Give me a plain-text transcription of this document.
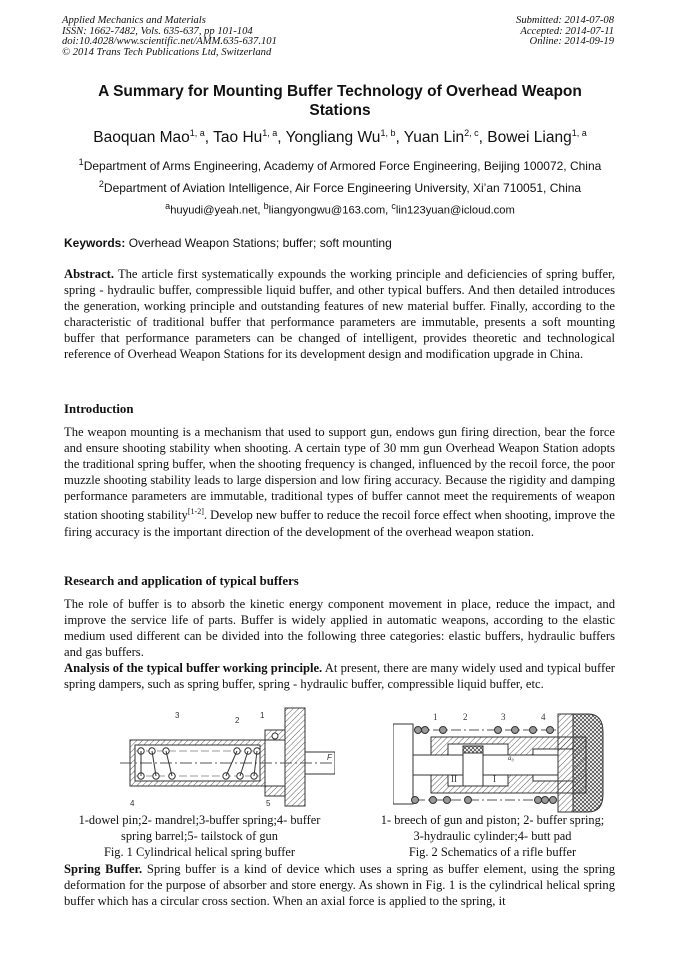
Applied Mechanics and Materials
ISSN: 1662-7482, Vols. 635-637, pp 101-104
doi:10.4028/www.scientific.net/AMM.635-637.101
© 2014 Trans Tech Publications Ltd, Switzerland
Submitted: 2014-07-08
Accepted: 2014-07-11
Online: 2014-09-19
A Summary for Mounting Buffer Technology of Overhead Weapon
Stations
Baoquan Mao$^{1, a}$, Tao Hu$^{1, a}$, Yongliang Wu$^{1, b}$, Yuan Lin$^{2, c}$, Bowei Liang$^{1, a}$
$^1$Department of Arms Engineering, Academy of Armored Force Engineering, Beijing 100072, China
$^2$Department of Aviation Intelligence, Air Force Engineering University, Xi’an 710051, China
$^a$huyudi@yeah.net, $^b$liangyongwu@163.com, $^c$lin123yuan@icloud.com
Keywords: Overhead Weapon Stations; buffer; soft mounting
Abstract. The article first systematically expounds the working principle and deficiencies of spring buffer, spring - hydraulic buffer, compressible liquid buffer, and other typical buffers. And then detailed introduces the generation, working principle and outstanding features of new material buffer. Finally, according to the characteristic of traditional buffer that performance parameters are immutable, presents a soft mounting buffer that performance parameters can be changed of intelligent, provides theoretic and technological reference of Overhead Weapon Stations for its development design and modification upgrade in China.
Introduction
The weapon mounting is a mechanism that used to support gun, endows gun firing direction, bear the force and ensure shooting stability when shooting. A certain type of 30 mm gun Overhead Weapon Station adopts the traditional spring buffer, when the shooting frequency is changed, influenced by the recoil force, the poor muzzle shooting stability leads to large dispersion and low firing accuracy. Because the rigidity and damping performance parameters are immutable, traditional types of buffer cannot meet the requirements of weapon station shooting stability[1-2]. Develop new buffer to reduce the recoil force effect when shooting, improve the firing accuracy is the important direction of the development of the overhead weapon station.
Research and application of typical buffers
The role of buffer is to absorb the kinetic energy component movement in place, reduce the impact, and improve the service life of parts. Buffer is widely applied in automatic weapons, according to the elastic medium used different can be divided into the following three categories: elastic buffers, hydraulic buffers and gas buffers.
Analysis of the typical buffer working principle. At present, there are many widely used and typical buffer spring dampers, such as spring buffer, spring - hydraulic buffer, compressible liquid buffer, etc.
3
2
1
4	5
F
1	2	3	4
II	I
a₀
1-dowel pin;2- mandrel;3-buffer spring;4- buffer
spring barrel;5- tailstock of gun
Fig. 1 Cylindrical helical spring buffer
1- breech of gun and piston; 2- buffer spring;
3-hydraulic cylinder;4- butt pad
Fig. 2 Schematics of a rifle buffer
Spring Buffer. Spring buffer is a kind of device which uses a spring as buffer element, using the spring deformation for the purpose of absorber and store energy. As shown in Fig. 1 is the cylindrical helical spring buffer which has a circular cross section. When an axial force is applied to the spring, it
